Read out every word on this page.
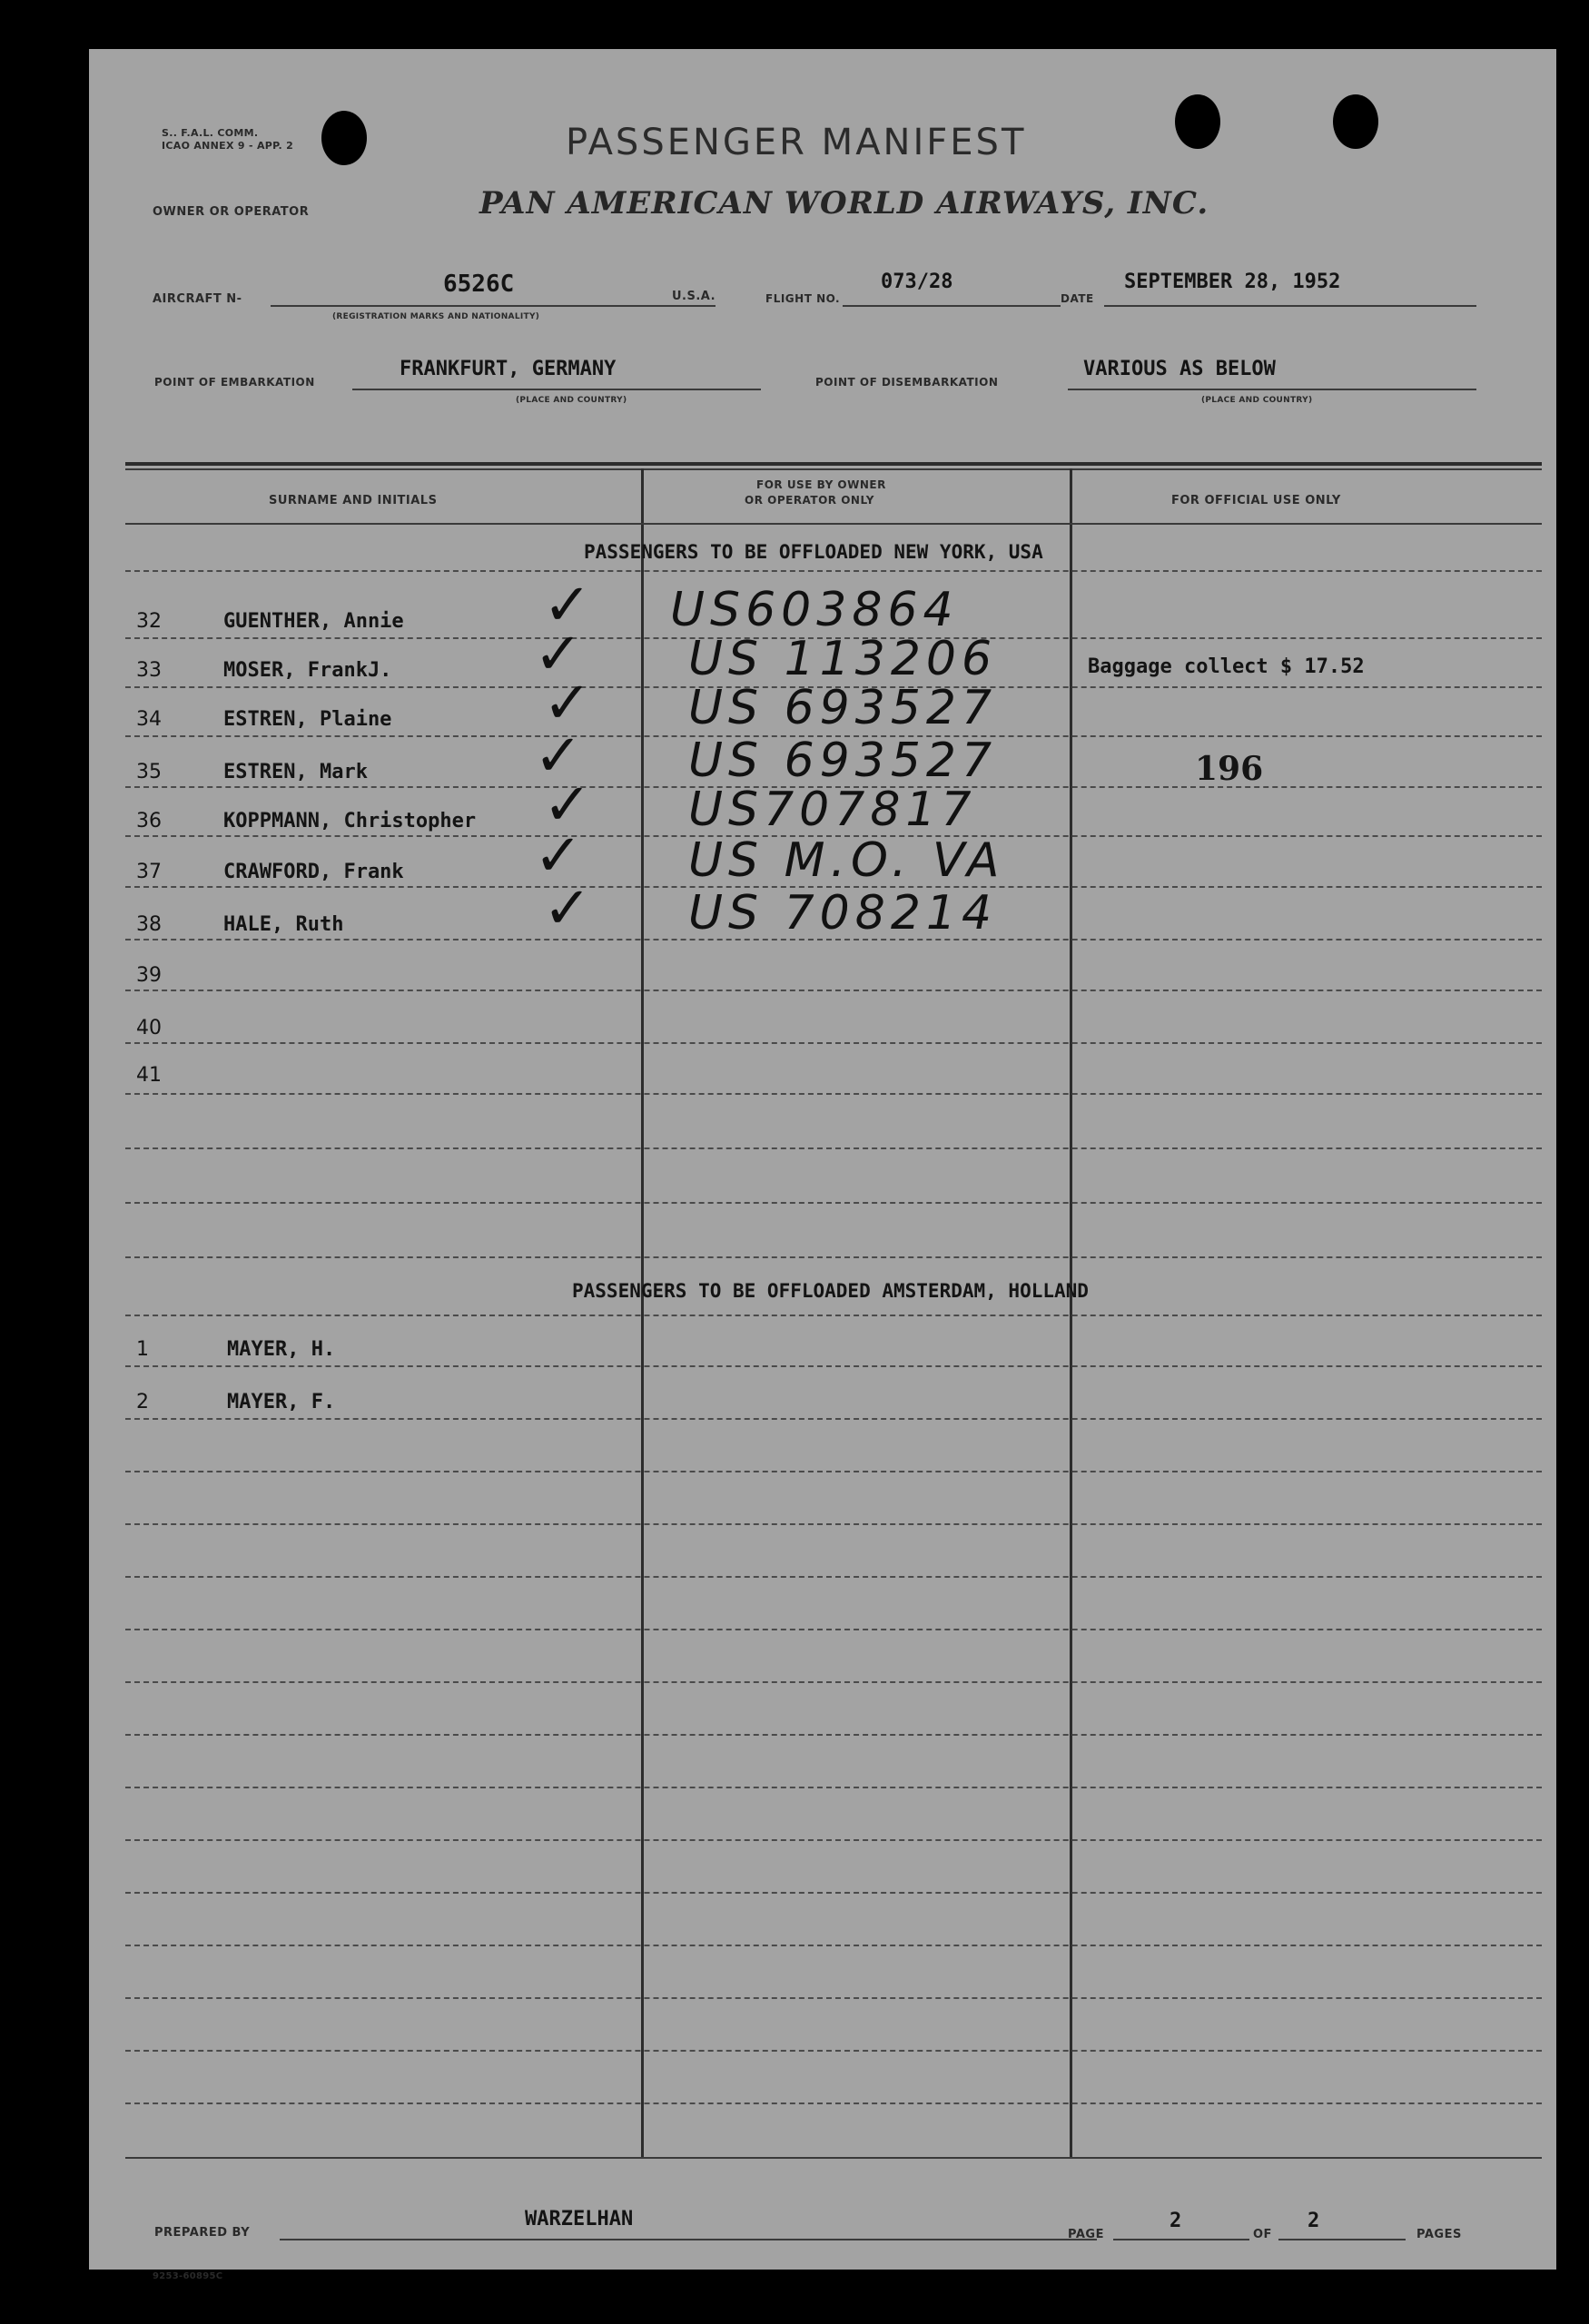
S.. F.A.L. COMM.
ICAO ANNEX 9 - APP. 2	PASSENGER MANIFEST
OWNER OR OPERATOR	PAN AMERICAN WORLD AIRWAYS, INC.
AIRCRAFT N-
6526C
(REGISTRATION MARKS AND NATIONALITY)
U.S.A.	FLIGHT NO.
073/28
DATE
SEPTEMBER 28, 1952
POINT OF EMBARKATION
FRANKFURT, GERMANY
(PLACE AND COUNTRY)
POINT OF DISEMBARKATION
VARIOUS AS BELOW
(PLACE AND COUNTRY)
SURNAME AND INITIALS
FOR USE BY OWNER
OR OPERATOR ONLY	FOR OFFICIAL USE ONLY
PASSENGERS TO BE OFFLOADED NEW YORK, USA
PASSENGERS TO BE OFFLOADED AMSTERDAM, HOLLAND
PREPARED BY
WARZELHAN
PAGE
2
OF
2
PAGES
9253-60895C
32	GUENTHER, Annie ✓ US603864
33	MOSER, FrankJ. ✓ US 113206	Baggage collect $ 17.52
34	ESTREN, Plaine	✓ US 693527
35	ESTREN, Mark	✓ US 693527	196
36	KOPPMANN, Christopher ✓ US707817
37	CRAWFORD, Frank ✓ US M.O. VA
38	HALE, Ruth	✓ US 708214
39
40
41
1	MAYER, H.
2	MAYER, F.
